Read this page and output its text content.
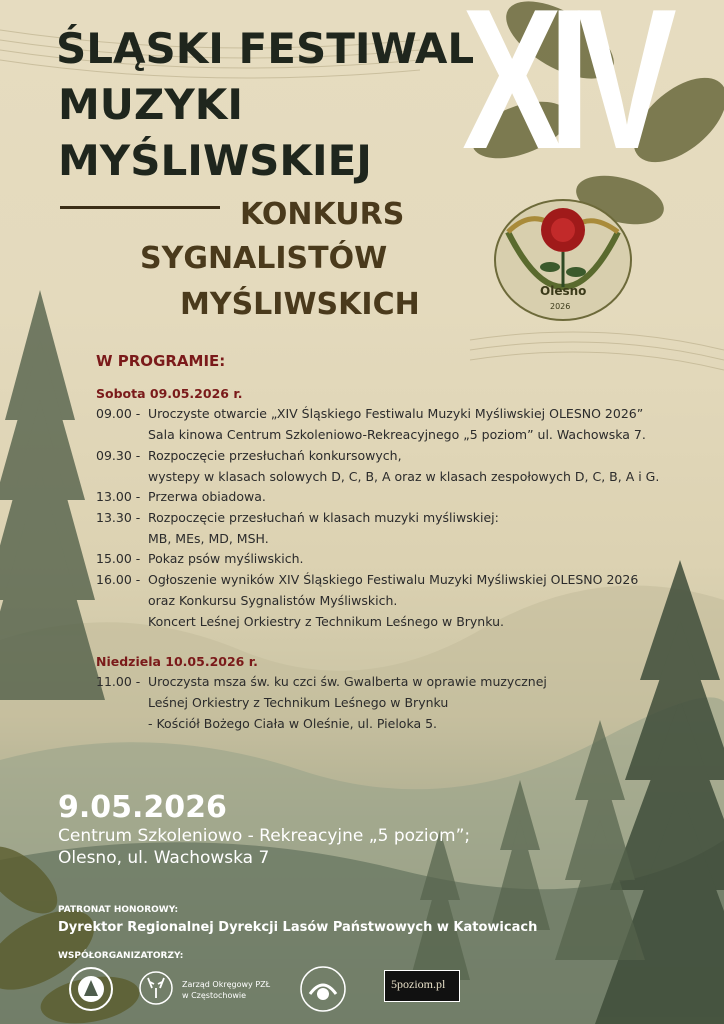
ŚLĄSKI FESTIWAL
MUZYKI
MYŚLIWSKIEJ XIV
KONKURS
SYGNALISTÓW
MYŚLIWSKICH	Olesno
2026
W PROGRAMIE:
Sobota 09.05.2026 r.
09.00 - Uroczyste otwarcie „XIV Śląskiego Festiwalu Muzyki Myśliwskiej OLESNO 2026”
Sala kinowa Centrum Szkoleniowo-Rekreacyjnego „5 poziom” ul. Wachowska 7.
09.30 - Rozpoczęcie przesłuchań konkursowych,
wystepy w klasach solowych D, C, B, A oraz w klasach zespołowych D, C, B, A i G.
13.00 - Przerwa obiadowa.
13.30 - Rozpoczęcie przesłuchań w klasach muzyki myśliwskiej:
MB, MEs, MD, MSH.
15.00 - Pokaz psów myśliwskich.
16.00 - Ogłoszenie wyników XIV Śląskiego Festiwalu Muzyki Myśliwskiej OLESNO 2026
oraz Konkursu Sygnalistów Myśliwskich.
Koncert Leśnej Orkiestry z Technikum Leśnego w Brynku.
Niedziela 10.05.2026 r.
11.00 - Uroczysta msza św. ku czci św. Gwalberta w oprawie muzycznej
Leśnej Orkiestry z Technikum Leśnego w Brynku
- Kościół Bożego Ciała w Oleśnie, ul. Pieloka 5.
9.05.2026
Centrum Szkoleniowo - Rekreacyjne „5 poziom”;
Olesno, ul. Wachowska 7
PATRONAT HONOROWY:
Dyrektor Regionalnej Dyrekcji Lasów Państwowych w Katowicach
WSPÓŁORGANIZATORZY:
Zarząd Okręgowy PZŁ
w Częstochowie
5poziom.pl
